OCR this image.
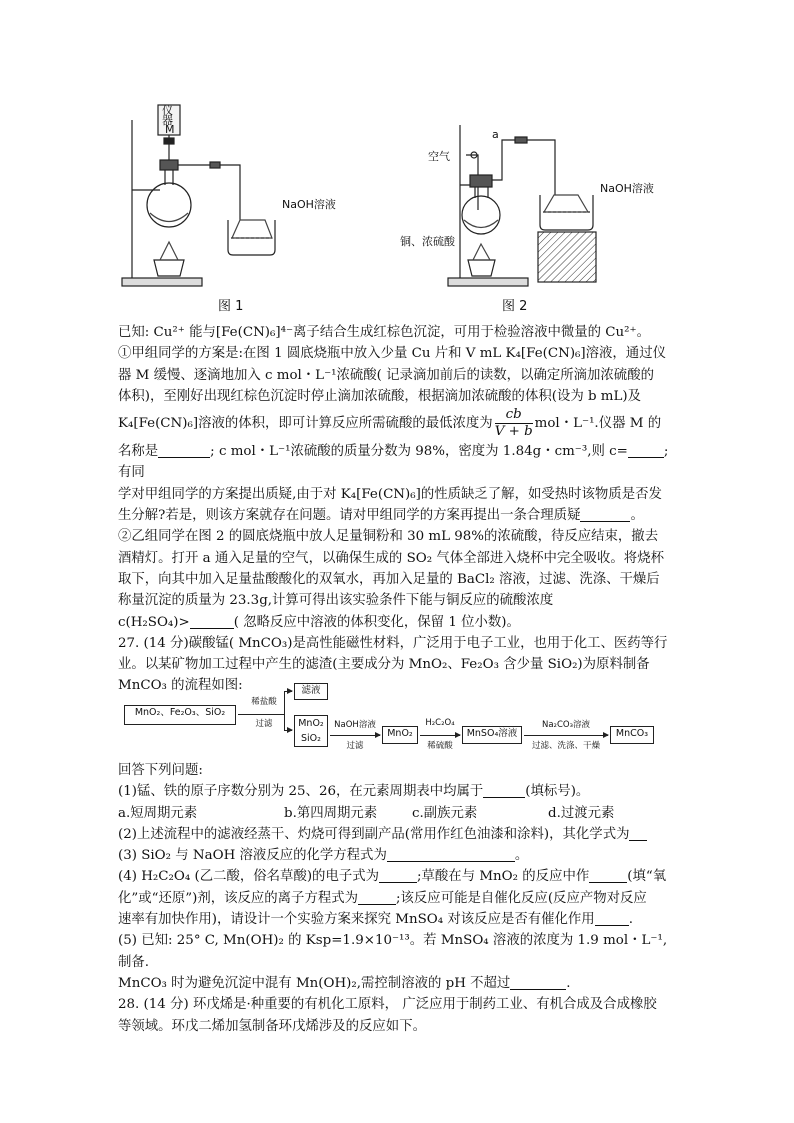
仪
器
M
NaOH溶液
a
空气
NaOH溶液
铜、浓硫酸
图 1	图 2

已知: Cu²⁺ 能与[Fe(CN)₆]⁴⁻离子结合生成红棕色沉淀，可用于检验溶液中微量的 Cu²⁺。

①甲组同学的方案是:在图 1 圆底烧瓶中放入少量 Cu 片和 V mL K₄[Fe(CN)₆]溶液，通过仪

器 M 缓慢、逐滴地加入 c mol・L⁻¹浓硫酸( 记录滴加前后的读数，以确定所滴加浓硫酸的

体积)，至刚好出现红棕色沉淀时停止滴加浓硫酸，根据滴加浓硫酸的体积(设为 b mL)及

K₄[Fe(CN)₆]溶液的体积，即可计算反应所需硫酸的最低浓度为 $\frac{cb}{V + b}$ mol・L⁻¹.仪器 M 的

名称是	; c mol・L⁻¹浓硫酸的质量分数为 98%，密度为 1.84g・cm⁻³,则 c=	;有同

学对甲组同学的方案提出质疑,由于对 K₄[Fe(CN)₆]的性质缺乏了解，如受热时该物质是否发

生分解?若是，则该方案就存在问题。请对甲组同学的方案再提出一条合理质疑	。

②乙组同学在图 2 的圆底烧瓶中放人足量铜粉和 30 mL 98%的浓硫酸，待反应结束，撤去

酒精灯。打开 a 通入足量的空气，以确保生成的 SO₂ 气体全部进入烧杯中完全吸收。将烧杯

取下，向其中加入足量盐酸酸化的双氧水，再加入足量的 BaCl₂ 溶液，过滤、洗涤、干燥后

称量沉淀的质量为 23.3g,计算可得出该实验条件下能与铜反应的硫酸浓度

c(H₂SO₄)>	( 忽略反应中溶液的体积变化，保留 1 位小数)。

27. (14 分)碳酸锰( MnCO₃)是高性能磁性材料，广泛用于电子工业，也用于化工、医药等行

业。以某矿物加工过程中产生的滤渣(主要成分为 MnO₂、Fe₂O₃ 含少量 SiO₂)为原料制备

MnCO₃ 的流程如图:

MnO₂、Fe₂O₃、SiO₂
稀盐酸
过滤
滤液
MnO₂
SiO₂
NaOH溶液
过滤
MnO₂
H₂C₂O₄
稀硫酸
MnSO₄溶液
Na₂CO₃溶液
过滤、洗涤、干燥
MnCO₃

回答下列问题:

(1)锰、铁的原子序数分别为 25、26，在元素周期表中均属于	(填标号)。

a.短周期元素	b.第四周期元素	c.副族元素	d.过渡元素

(2)上述流程中的滤液经蒸干、灼烧可得到副产品(常用作红色油漆和涂料)，其化学式为

(3) SiO₂ 与 NaOH 溶液反应的化学方程式为	。

(4) H₂C₂O₄ (乙二酸，俗名草酸)的电子式为	;草酸在与 MnO₂ 的反应中作	(填“氧

化”或“还原”)剂，该反应的离子方程式为	;该反应可能是自催化反应(反应产物对反应

速率有加快作用)，请设计一个实验方案来探究 MnSO₄ 对该反应是否有催化作用	.

(5) 已知: 25° C, Mn(OH)₂ 的 Ksp=1.9×10⁻¹³。若 MnSO₄ 溶液的浓度为 1.9 mol・L⁻¹,制备.

MnCO₃ 时为避免沉淀中混有 Mn(OH)₂,需控制溶液的 pH 不超过	.

28. (14 分) 环戊烯是·种重要的有机化工原料， 广泛应用于制药工业、有机合成及合成橡胶

等领域。环戊二烯加氢制备环戊烯涉及的反应如下。
